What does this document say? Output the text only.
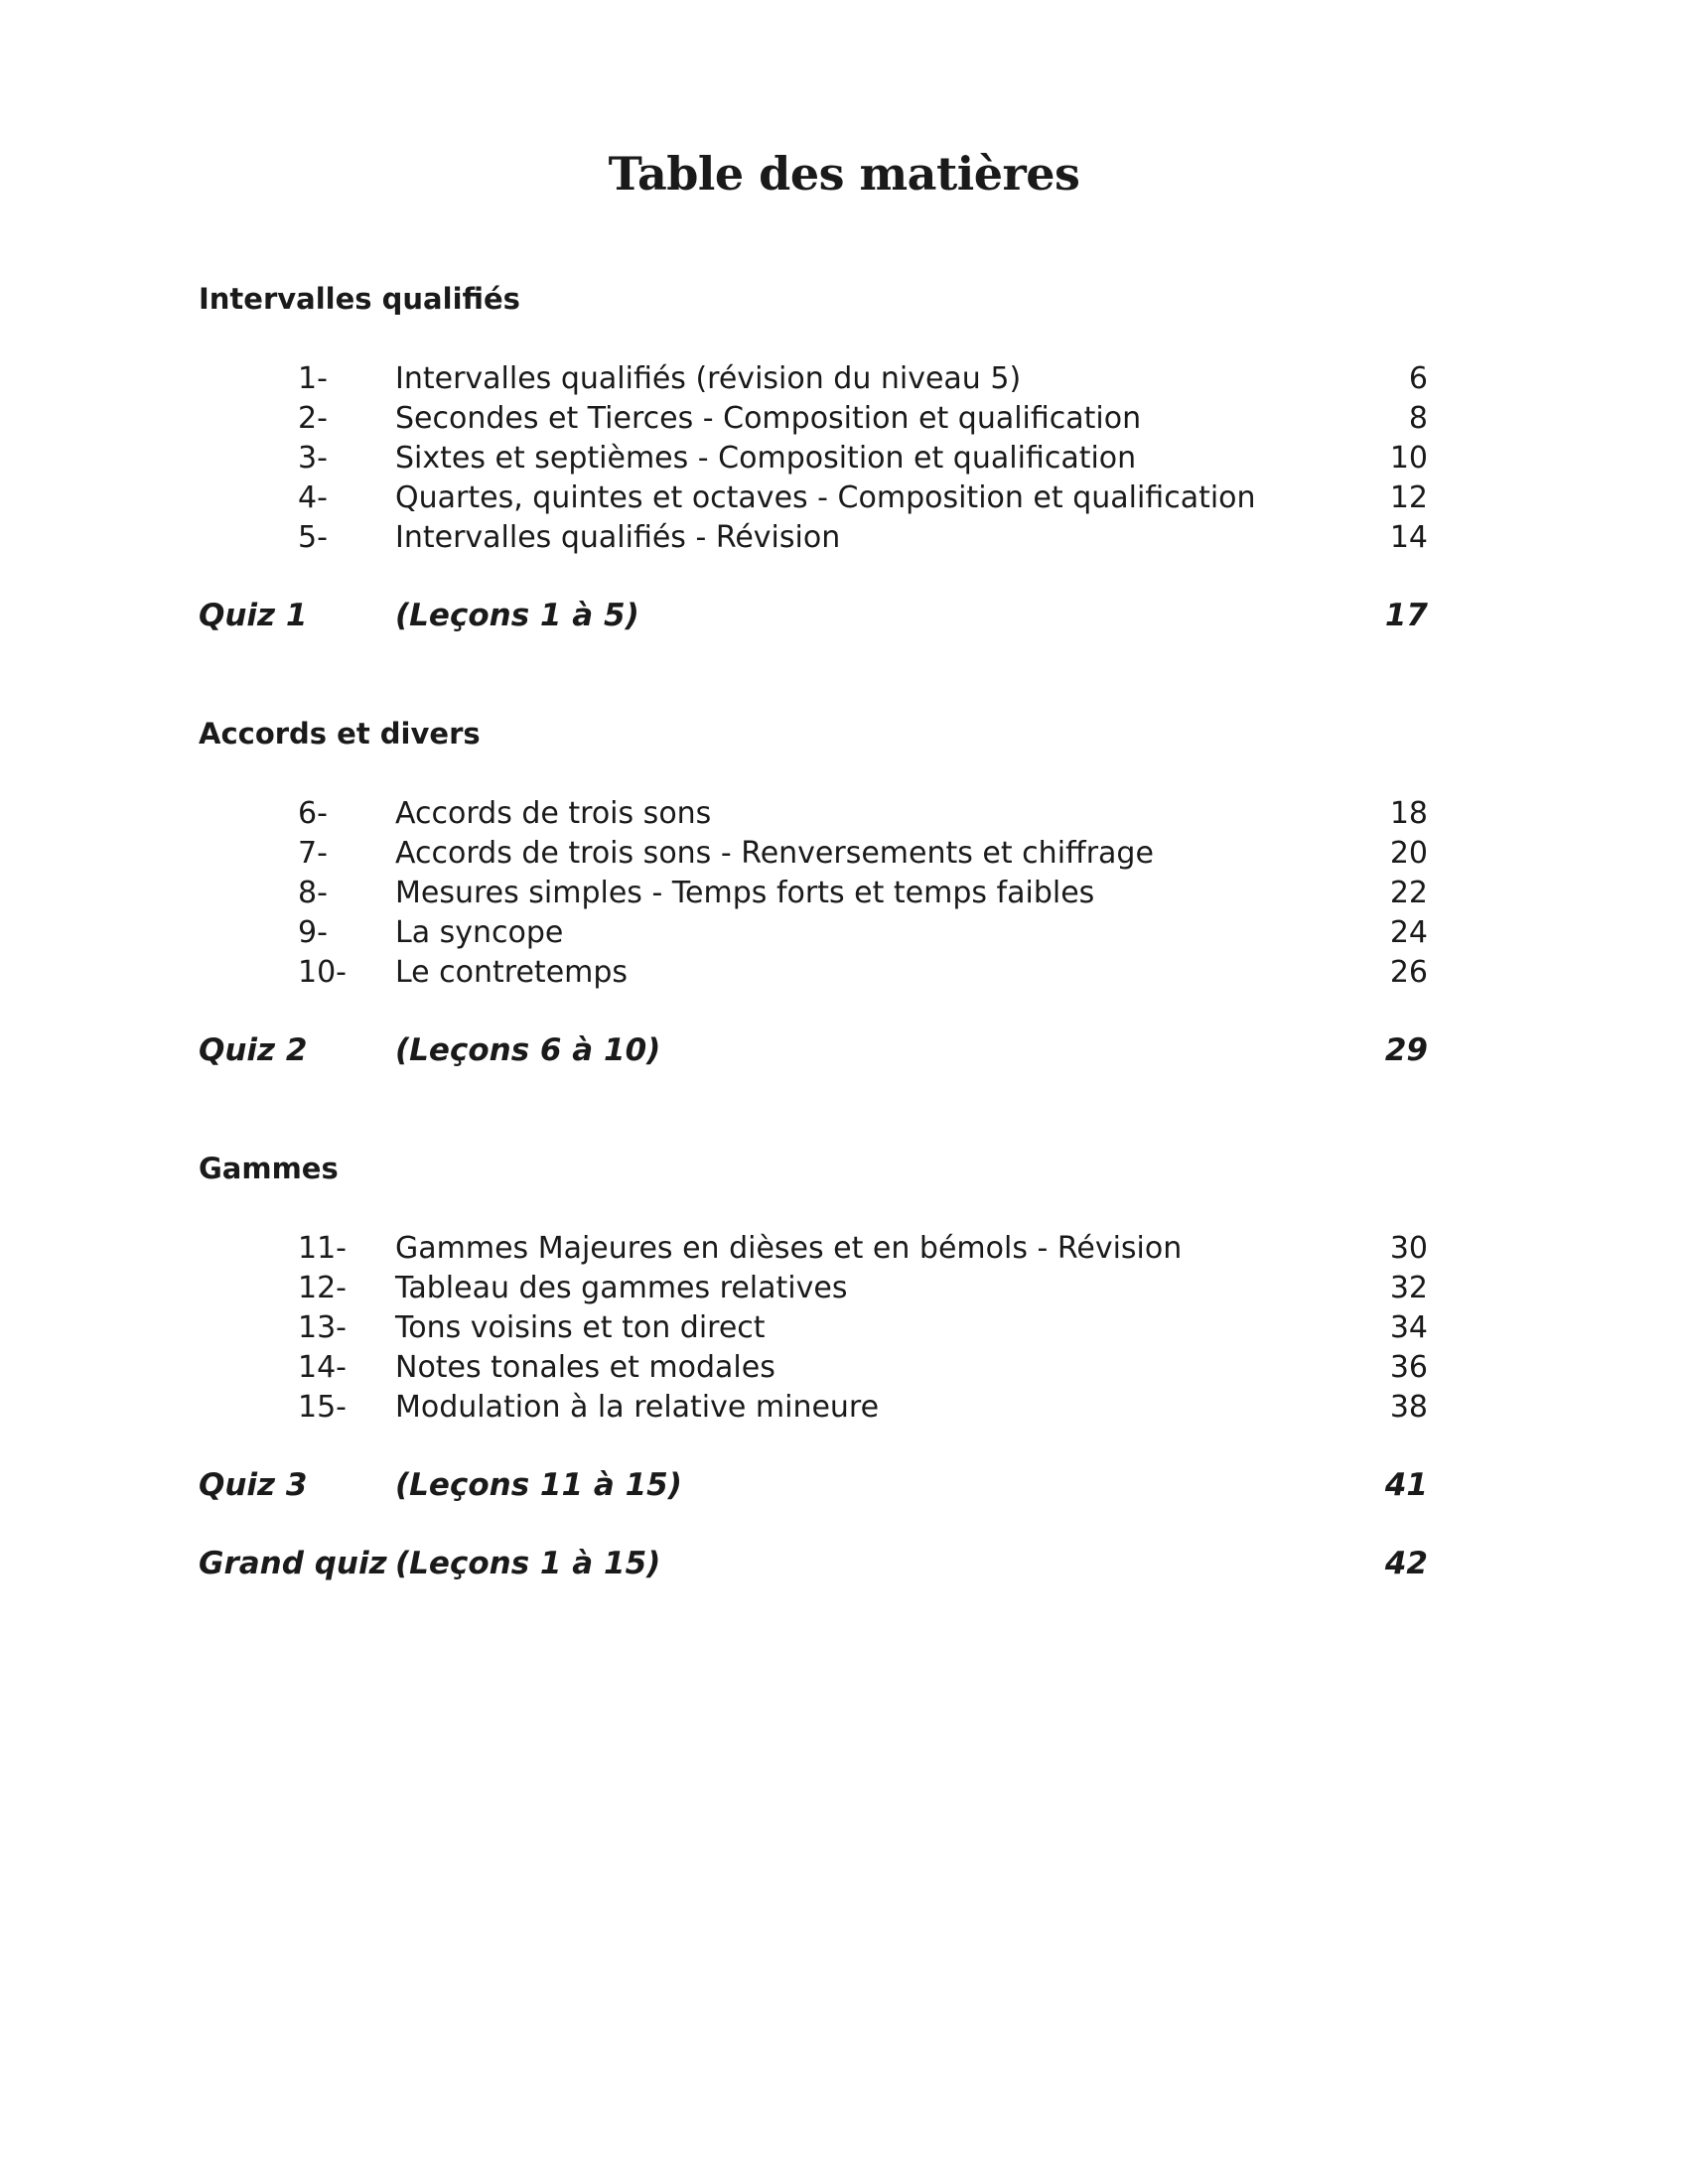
Table des matières
Intervalles qualifiés
1- Intervalles qualifiés (révision du niveau 5)	6
2- Secondes et Tierces - Composition et qualification	8
3- Sixtes et septièmes - Composition et qualification	10
4- Quartes, quintes et octaves - Composition et qualification	12
5- Intervalles qualifiés - Révision	14
Quiz 1	(Leçons 1 à 5)	17
Accords et divers
6- Accords de trois sons	18
7- Accords de trois sons - Renversements et chiffrage	20
8- Mesures simples - Temps forts et temps faibles	22
9- La syncope	24
10- Le contretemps	26
Quiz 2	(Leçons 6 à 10)	29
Gammes
11- Gammes Majeures en dièses et en bémols - Révision	30
12- Tableau des gammes relatives	32
13- Tons voisins et ton direct	34
14- Notes tonales et modales	36
15- Modulation à la relative mineure	38
Quiz 3	(Leçons 11 à 15)	41
Grand quiz (Leçons 1 à 15)	42
